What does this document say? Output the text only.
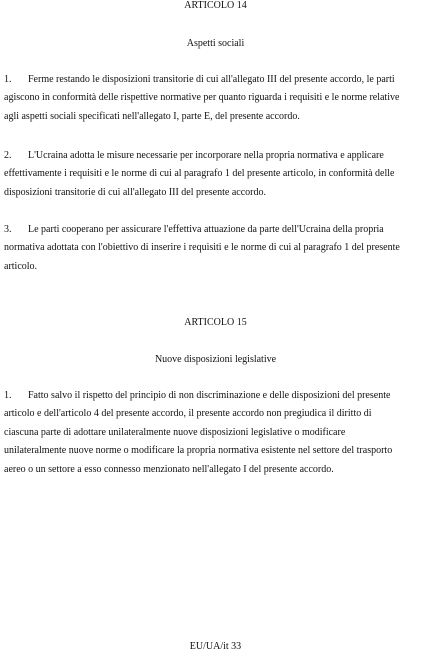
ARTICOLO 14
Aspetti sociali
1. Ferme restando le disposizioni transitorie di cui all'allegato III del presente accordo, le parti
agiscono in conformità delle rispettive normative per quanto riguarda i requisiti e le norme relative
agli aspetti sociali specificati nell'allegato I, parte E, del presente accordo.
2. L'Ucraina adotta le misure necessarie per incorporare nella propria normativa e applicare
effettivamente i requisiti e le norme di cui al paragrafo 1 del presente articolo, in conformità delle
disposizioni transitorie di cui all'allegato III del presente accordo.
3. Le parti cooperano per assicurare l'effettiva attuazione da parte dell'Ucraina della propria
normativa adottata con l'obiettivo di inserire i requisiti e le norme di cui al paragrafo 1 del presente
articolo.
ARTICOLO 15
Nuove disposizioni legislative
1. Fatto salvo il rispetto del principio di non discriminazione e delle disposizioni del presente
articolo e dell'articolo 4 del presente accordo, il presente accordo non pregiudica il diritto di
ciascuna parte di adottare unilateralmente nuove disposizioni legislative o modificare
unilateralmente nuove norme o modificare la propria normativa esistente nel settore del trasporto
aereo o un settore a esso connesso menzionato nell'allegato I del presente accordo.
EU/UA/it 33
